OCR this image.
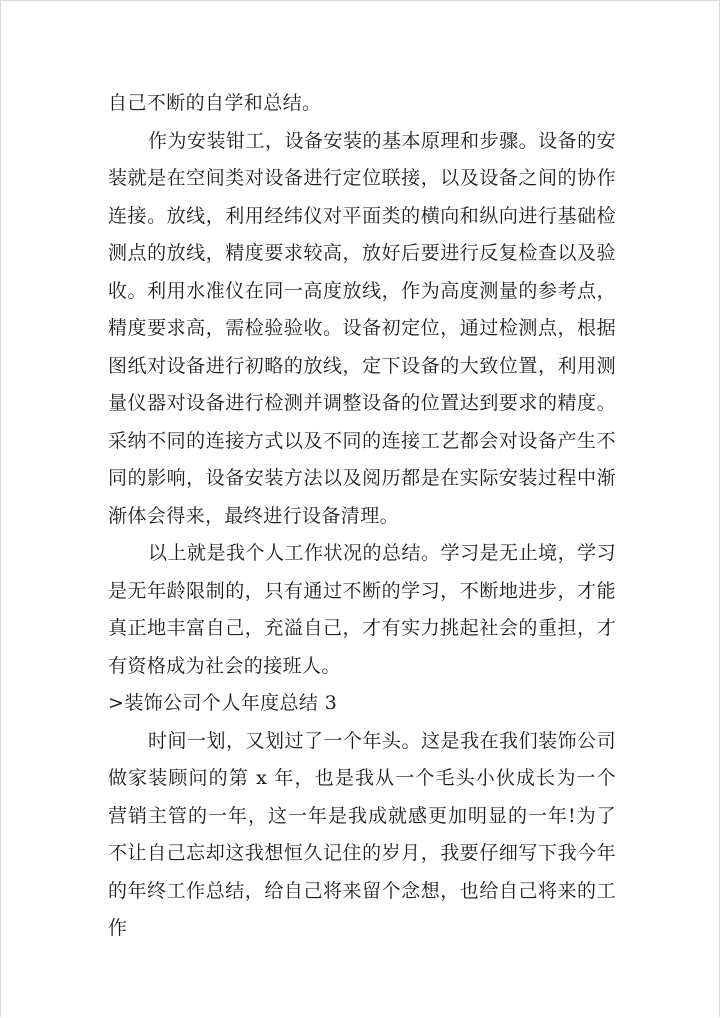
自己不断的自学和总结。

作为安装钳工，设备安装的基本原理和步骤。设备的安装就是在空间类对设备进行定位联接，以及设备之间的协作连接。放线，利用经纬仪对平面类的横向和纵向进行基础检测点的放线，精度要求较高，放好后要进行反复检查以及验收。利用水准仪在同一高度放线，作为高度测量的参考点，精度要求高，需检验验收。设备初定位，通过检测点，根据图纸对设备进行初略的放线，定下设备的大致位置，利用测量仪器对设备进行检测并调整设备的位置达到要求的精度。采纳不同的连接方式以及不同的连接工艺都会对设备产生不同的影响，设备安装方法以及阅历都是在实际安装过程中渐渐体会得来，最终进行设备清理。

以上就是我个人工作状况的总结。学习是无止境，学习是无年龄限制的，只有通过不断的学习，不断地进步，才能真正地丰富自己，充溢自己，才有实力挑起社会的重担，才有资格成为社会的接班人。

>装饰公司个人年度总结 3

时间一划，又划过了一个年头。这是我在我们装饰公司做家装顾问的第 x 年，也是我从一个毛头小伙成长为一个营销主管的一年，这一年是我成就感更加明显的一年!为了不让自己忘却这我想恒久记住的岁月，我要仔细写下我今年的年终工作总结，给自己将来留个念想，也给自己将来的工作
